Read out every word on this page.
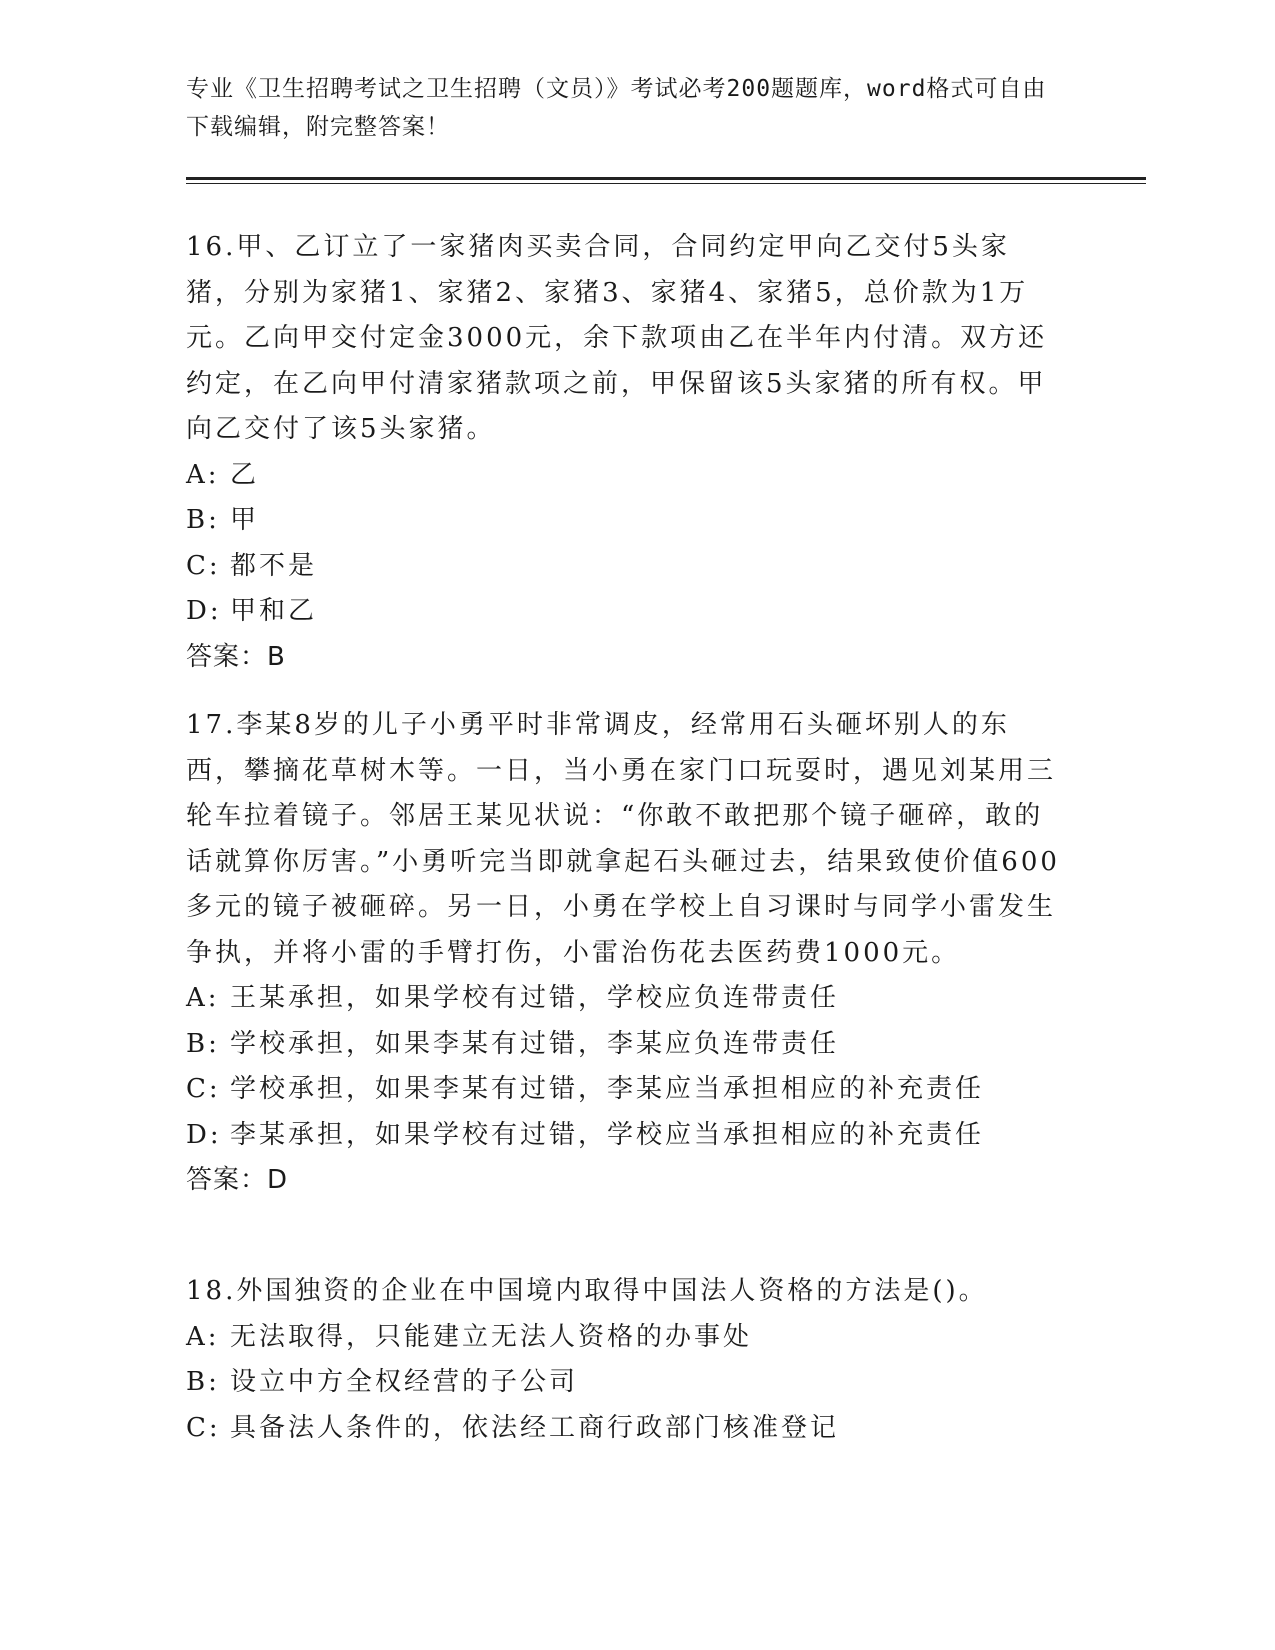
专业《卫生招聘考试之卫生招聘（文员）》考试必考200题题库，word格式可自由下载编辑，附完整答案！

16.甲、乙订立了一家猪肉买卖合同，合同约定甲向乙交付5头家猪，分别为家猪1、家猪2、家猪3、家猪4、家猪5，总价款为1万元。乙向甲交付定金3000元，余下款项由乙在半年内付清。双方还约定，在乙向甲付清家猪款项之前，甲保留该5头家猪的所有权。甲向乙交付了该5头家猪。

A: 乙

B: 甲

C: 都不是

D: 甲和乙

答案：B

17.李某8岁的儿子小勇平时非常调皮，经常用石头砸坏别人的东西，攀摘花草树木等。一日，当小勇在家门口玩耍时，遇见刘某用三轮车拉着镜子。邻居王某见状说：“你敢不敢把那个镜子砸碎，敢的话就算你厉害。”小勇听完当即就拿起石头砸过去，结果致使价值600多元的镜子被砸碎。另一日，小勇在学校上自习课时与同学小雷发生争执，并将小雷的手臂打伤，小雷治伤花去医药费1000元。

A: 王某承担，如果学校有过错，学校应负连带责任

B: 学校承担，如果李某有过错，李某应负连带责任

C: 学校承担，如果李某有过错，李某应当承担相应的补充责任

D: 李某承担，如果学校有过错，学校应当承担相应的补充责任

答案：D

18.外国独资的企业在中国境内取得中国法人资格的方法是()。

A: 无法取得，只能建立无法人资格的办事处

B: 设立中方全权经营的子公司

C: 具备法人条件的，依法经工商行政部门核准登记
